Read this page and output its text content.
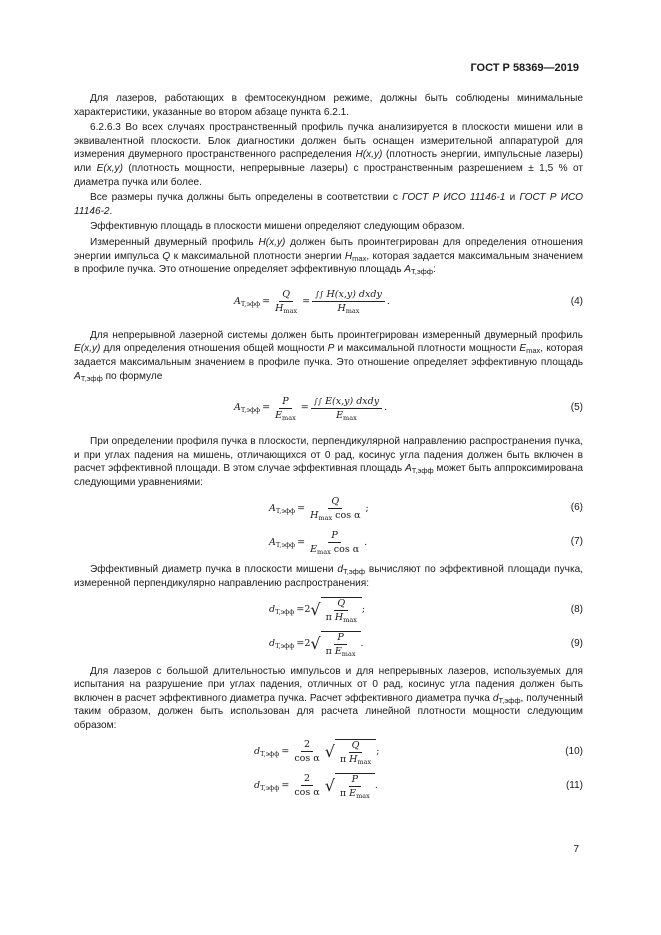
ГОСТ Р 58369—2019

Для лазеров, работающих в фемтосекундном режиме, должны быть соблюдены минимальные характеристики, указанные во втором абзаце пункта 6.2.1.

6.2.6.3 Во всех случаях пространственный профиль пучка анализируется в плоскости мишени или в эквивалентной плоскости. Блок диагностики должен быть оснащен измерительной аппаратурой для измерения двумерного пространственного распределения H(x,y) (плотность энергии, импульсные лазеры) или E(x,y) (плотность мощности, непрерывные лазеры) с пространственным разрешением ± 1,5 % от диаметра пучка или более.

Все размеры пучка должны быть определены в соответствии с ГОСТ Р ИСО 11146-1 и ГОСТ Р ИСО 11146-2.

Эффективную площадь в плоскости мишени определяют следующим образом.

Измеренный двумерный профиль H(x,y) должен быть проинтегрирован для определения отношения энергии импульса Q к максимальной плотности энергии $H_{max}$, которая задается максимальным значением в профиле пучка. Это отношение определяет эффективную площадь $A_{T,эфф}$:

$A_{T,эфф} = \frac{Q}{H_{max}} = \frac{\text{∫∫ H(x,y) dxdy}}{H_{max}}$ .	(4)

Для непрерывной лазерной системы должен быть проинтегрирован измеренный двумерный профиль E(x,y) для определения отношения общей мощности P и максимальной плотности мощности $E_{max}$, которая задается максимальным значением в профиле пучка. Это отношение определяет эффективную площадь $A_{T,эфф}$ по формуле

$A_{T,эфф} = \frac{P}{E_{max}} = \frac{\text{∫∫ E(x,y) dxdy}}{E_{max}}$ .	(5)

При определении профиля пучка в плоскости, перпендикулярной направлению распространения пучка, и при углах падения на мишень, отличающихся от 0 рад, косинус угла падения должен быть включен в расчет эффективной площади. В этом случае эффективная площадь $A_{T,эфф}$ может быть аппроксимирована следующими уравнениями:

$A_{T,эфф} = \frac{Q}{H_{max} \cos \alpha}$ ;	(6)
$A_{T,эфф} = \frac{P}{E_{max} \cos \alpha}$ .	(7)

Эффективный диаметр пучка в плоскости мишени $d_{T,эфф}$ вычисляют по эффективной площади пучка, измеренной перпендикулярно направлению распространения:

$d_{T,эфф} = 2$ √ $\frac{Q}{\pi H_{max}}$ ;	(8)
$d_{T,эфф} = 2$ √ $\frac{P}{\pi E_{max}}$ .	(9)

Для лазеров с большой длительностью импульсов и для непрерывных лазеров, используемых для испытания на разрушение при углах падения, отличных от 0 рад, косинус угла падения должен быть включен в расчет эффективного диаметра пучка. Расчет эффективного диаметра пучка $d_{T,эфф}$, полученный таким образом, должен быть использован для расчета линейной плотности мощности следующим образом:

$d_{T,эфф} = \frac{2}{\text{cos α}}$ √ $\frac{Q}{\pi H_{max}}$ ;	(10)
$d_{T,эфф} = \frac{2}{\text{cos α}}$ √ $\frac{P}{\pi E_{max}}$ .	(11)
7
